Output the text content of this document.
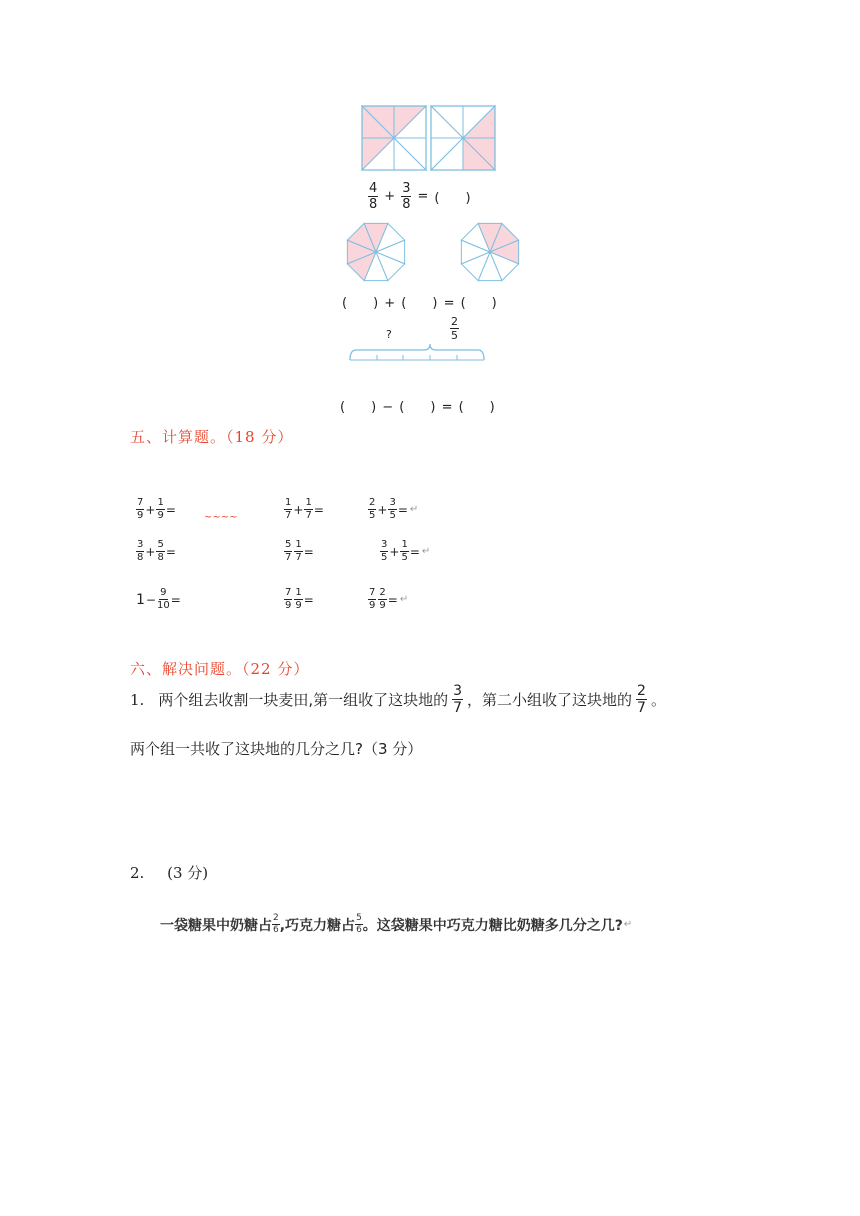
$\frac{4}{8} + \frac{3}{8}$ = (　　)
(　　) + (　　) = (　　)
?	$\frac{2}{5}$
(　　) − (　　) = (　　)
五、计算题。（18 分）
$\frac{7}{9} + \frac{1}{9}$ =	$\frac{1}{7} + \frac{1}{7}$ =	$\frac{2}{5} + \frac{3}{5}$ = ↵
$\frac{3}{8} + \frac{5}{8}$ =	$\frac{5}{7} \frac{1}{7}$ =	$\frac{3}{5} + \frac{1}{5}$ = ↵
$1 - \frac{9}{10}$ =	$\frac{7}{9} \frac{1}{9}$ =	$\frac{7}{9} \frac{2}{9}$ = ↵
~~~~
六、解决问题。（22 分）
1. 两个组去收割一块麦田,第一组收了这块地的 $\frac{3}{7}$ ，第二小组收了这块地的 $\frac{2}{7}$ 。
两个组一共收了这块地的几分之几?（3 分）
2. (3 分)
一袋糖果中奶糖占 $\frac{2}{6}$ ,巧克力糖占 $\frac{5}{6}$ 。这袋糖果中巧克力糖比奶糖多几分之几? ↵
